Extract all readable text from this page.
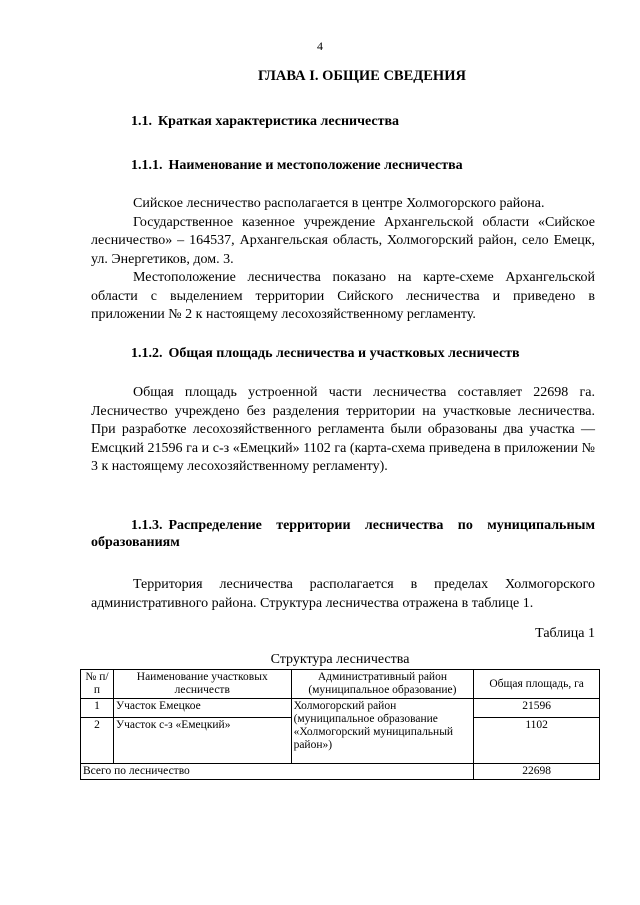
4
ГЛАВА I. ОБЩИЕ СВЕДЕНИЯ
1.1. Краткая характеристика лесничества
1.1.1. Наименование и местоположение лесничества

Сийское лесничество располагается в центре Холмогорского района.

Государственное казенное учреждение Архангельской области «Сийское лесничество» – 164537, Архангельская область, Холмогорский район, село Емецк, ул. Энергетиков, дом. 3.

Местоположение лесничества показано на карте-схеме Архангельской области с выделением территории Сийского лесничества и приведено в приложении № 2 к настоящему лесохозяйственному регламенту.

1.1.2. Общая площадь лесничества и участковых лесничеств

Общая площадь устроенной части лесничества составляет 22698 га. Лесничество учреждено без разделения территории на участковые лесничества. При разработке лесохозяйственного регламента были образованы два участка — Емсцкий 21596 га и с-з «Емецкий» 1102 га (карта-схема приведена в приложении № 3 к настоящему лесохозяйственному регламенту).

1.1.3. Распределение территории лесничества по муниципальным образованиям

Территория лесничества располагается в пределах Холмогорского административного района. Структура лесничества отражена в таблице 1.

Таблица 1
Структура лесничества
№ п/п	Наименование участковых лесничеств	Административный район (муниципальное образование)	Общая площадь, га
1	Участок Емецкое	Холмогорский район (муниципальное образование «Холмогорский муниципальный район»)	21596
2	Участок с-з «Емецкий»		1102
Всего по лесничество			22698
